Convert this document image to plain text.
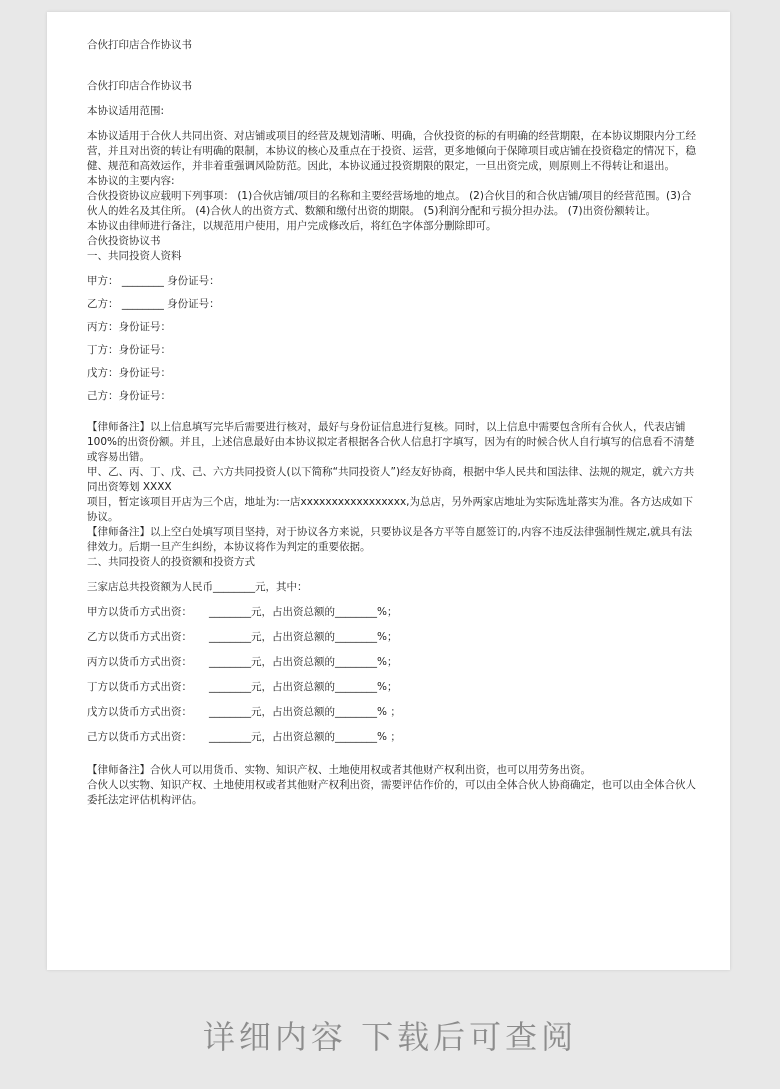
合伙打印店合作协议书

合伙打印店合作协议书

本协议适用范围:

本协议适用于合伙人共同出资、对店铺或项目的经营及规划清晰、明确，合伙投资的标的有明确的经营期限，在本协议期限内分工经营，并且对出资的转让有明确的限制，本协议的核心及重点在于投资、运营，更多地倾向于保障项目或店铺在投资稳定的情况下，稳健、规范和高效运作，并非着重强调风险防范。因此，本协议通过投资期限的限定，一旦出资完成，则原则上不得转让和退出。

本协议的主要内容:

合伙投资协议应载明下列事项： (1)合伙店铺/项目的名称和主要经营场地的地点。 (2)合伙目的和合伙店铺/项目的经营范围。(3)合伙人的姓名及其住所。 (4)合伙人的出资方式、数额和缴付出资的期限。 (5)利润分配和亏损分担办法。 (7)出资份额转让。

本协议由律师进行备注，以规范用户使用，用户完成修改后，将红色字体部分删除即可。

合伙投资协议书

一、共同投资人资料

甲方： ________ 身份证号：
乙方： ________ 身份证号：
丙方：身份证号：
丁方：身份证号：
戊方：身份证号：
己方：身份证号：

【律师备注】以上信息填写完毕后需要进行核对，最好与身份证信息进行复核。同时，以上信息中需要包含所有合伙人，代表店铺100%的出资份额。并且，上述信息最好由本协议拟定者根据各合伙人信息打字填写，因为有的时候合伙人自行填写的信息看不清楚或容易出错。

甲、乙、丙、丁、戊、己、六方共同投资人(以下简称“共同投资人”)经友好协商，根据中华人民共和国法律、法规的规定，就六方共同出资筹划 XXXX

项目，暂定该项目开店为三个店，地址为:一店xxxxxxxxxxxxxxxxx,为总店，另外两家店地址为实际选址落实为准。各方达成如下协议。

【律师备注】以上空白处填写项目坚持，对于协议各方来说，只要协议是各方平等自愿签订的,内容不违反法律强制性规定,就具有法律效力。后期一旦产生纠纷，本协议将作为判定的重要依据。

二、共同投资人的投资额和投资方式

三家店总共投资额为人民币________元，其中：

甲方以货币方式出资：	________元，占出资总额的________%；
乙方以货币方式出资：	________元，占出资总额的________%；
丙方以货币方式出资：	________元，占出资总额的________%；
丁方以货币方式出资：	________元，占出资总额的________%；
戊方以货币方式出资：	________元，占出资总额的________% ；
己方以货币方式出资：	________元，占出资总额的________% ；

【律师备注】合伙人可以用货币、实物、知识产权、土地使用权或者其他财产权利出资，也可以用劳务出资。

合伙人以实物、知识产权、土地使用权或者其他财产权利出资，需要评估作价的，可以由全体合伙人协商确定，也可以由全体合伙人委托法定评估机构评估。

详细内容 下载后可查阅
